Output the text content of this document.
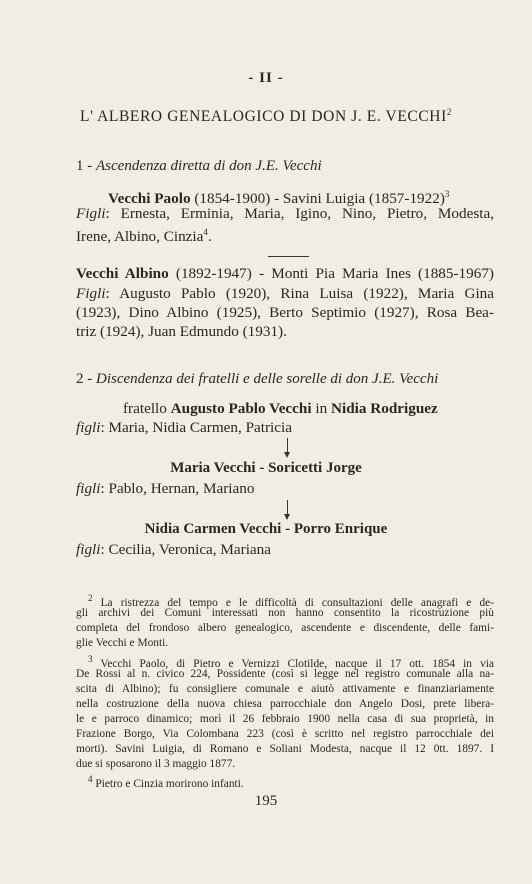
- II -
L' ALBERO GENEALOGICO DI DON J. E. VECCHI$^2$
1 - Ascendenza diretta di don J.E. Vecchi
Vecchi Paolo (1854-1900) - Savini Luigia (1857-1922)$^3$
Figli: Ernesta, Erminia, Maria, Igino, Nino, Pietro, Modesta,
Irene, Albino, Cinzia$^4$.
Vecchi Albino (1892-1947) - Monti Pia Maria Ines (1885-1967)
Figli: Augusto Pablo (1920), Rina Luisa (1922), Maria Gina
(1923), Dino Albino (1925), Berto Septimio (1927), Rosa Bea-
triz (1924), Juan Edmundo (1931).
2 - Discendenza dei fratelli e delle sorelle di don J.E. Vecchi
fratello Augusto Pablo Vecchi in Nidia Rodriguez
figli: Maria, Nidia Carmen, Patricia
Maria Vecchi - Soricetti Jorge
figli: Pablo, Hernan, Mariano
Nidia Carmen Vecchi - Porro Enrique
figli: Cecilia, Veronica, Mariana
$^2$ La ristrezza del tempo e le difficoltà di consultazioni delle anagrafi e de-
gli archivi dei Comuni interessati non hanno consentito la ricostruzione più
completa del frondoso albero genealogico, ascendente e discendente, delle fami-
glie Vecchi e Monti.
$^3$ Vecchi Paolo, di Pietro e Vernizzi Clotilde, nacque il 17 ott. 1854 in via
De Rossi al n. civico 224, Possidente (così si legge nel registro comunale alla na-
scita di Albino); fu consigliere comunale e aiutò attivamente e finanziariamente
nella costruzione della nuova chiesa parrocchiale don Angelo Dosi, prete libera-
le e parroco dinamico; morì il 26 febbraio 1900 nella casa di sua proprietà, in
Frazione Borgo, Via Colombana 223 (così è scritto nel registro parrocchiale dei
morti). Savini Luigia, di Romano e Soliani Modesta, nacque il 12 0tt. 1897. I
due si sposarono il 3 maggio 1877.
$^4$ Pietro e Cinzia morirono infanti.
195
